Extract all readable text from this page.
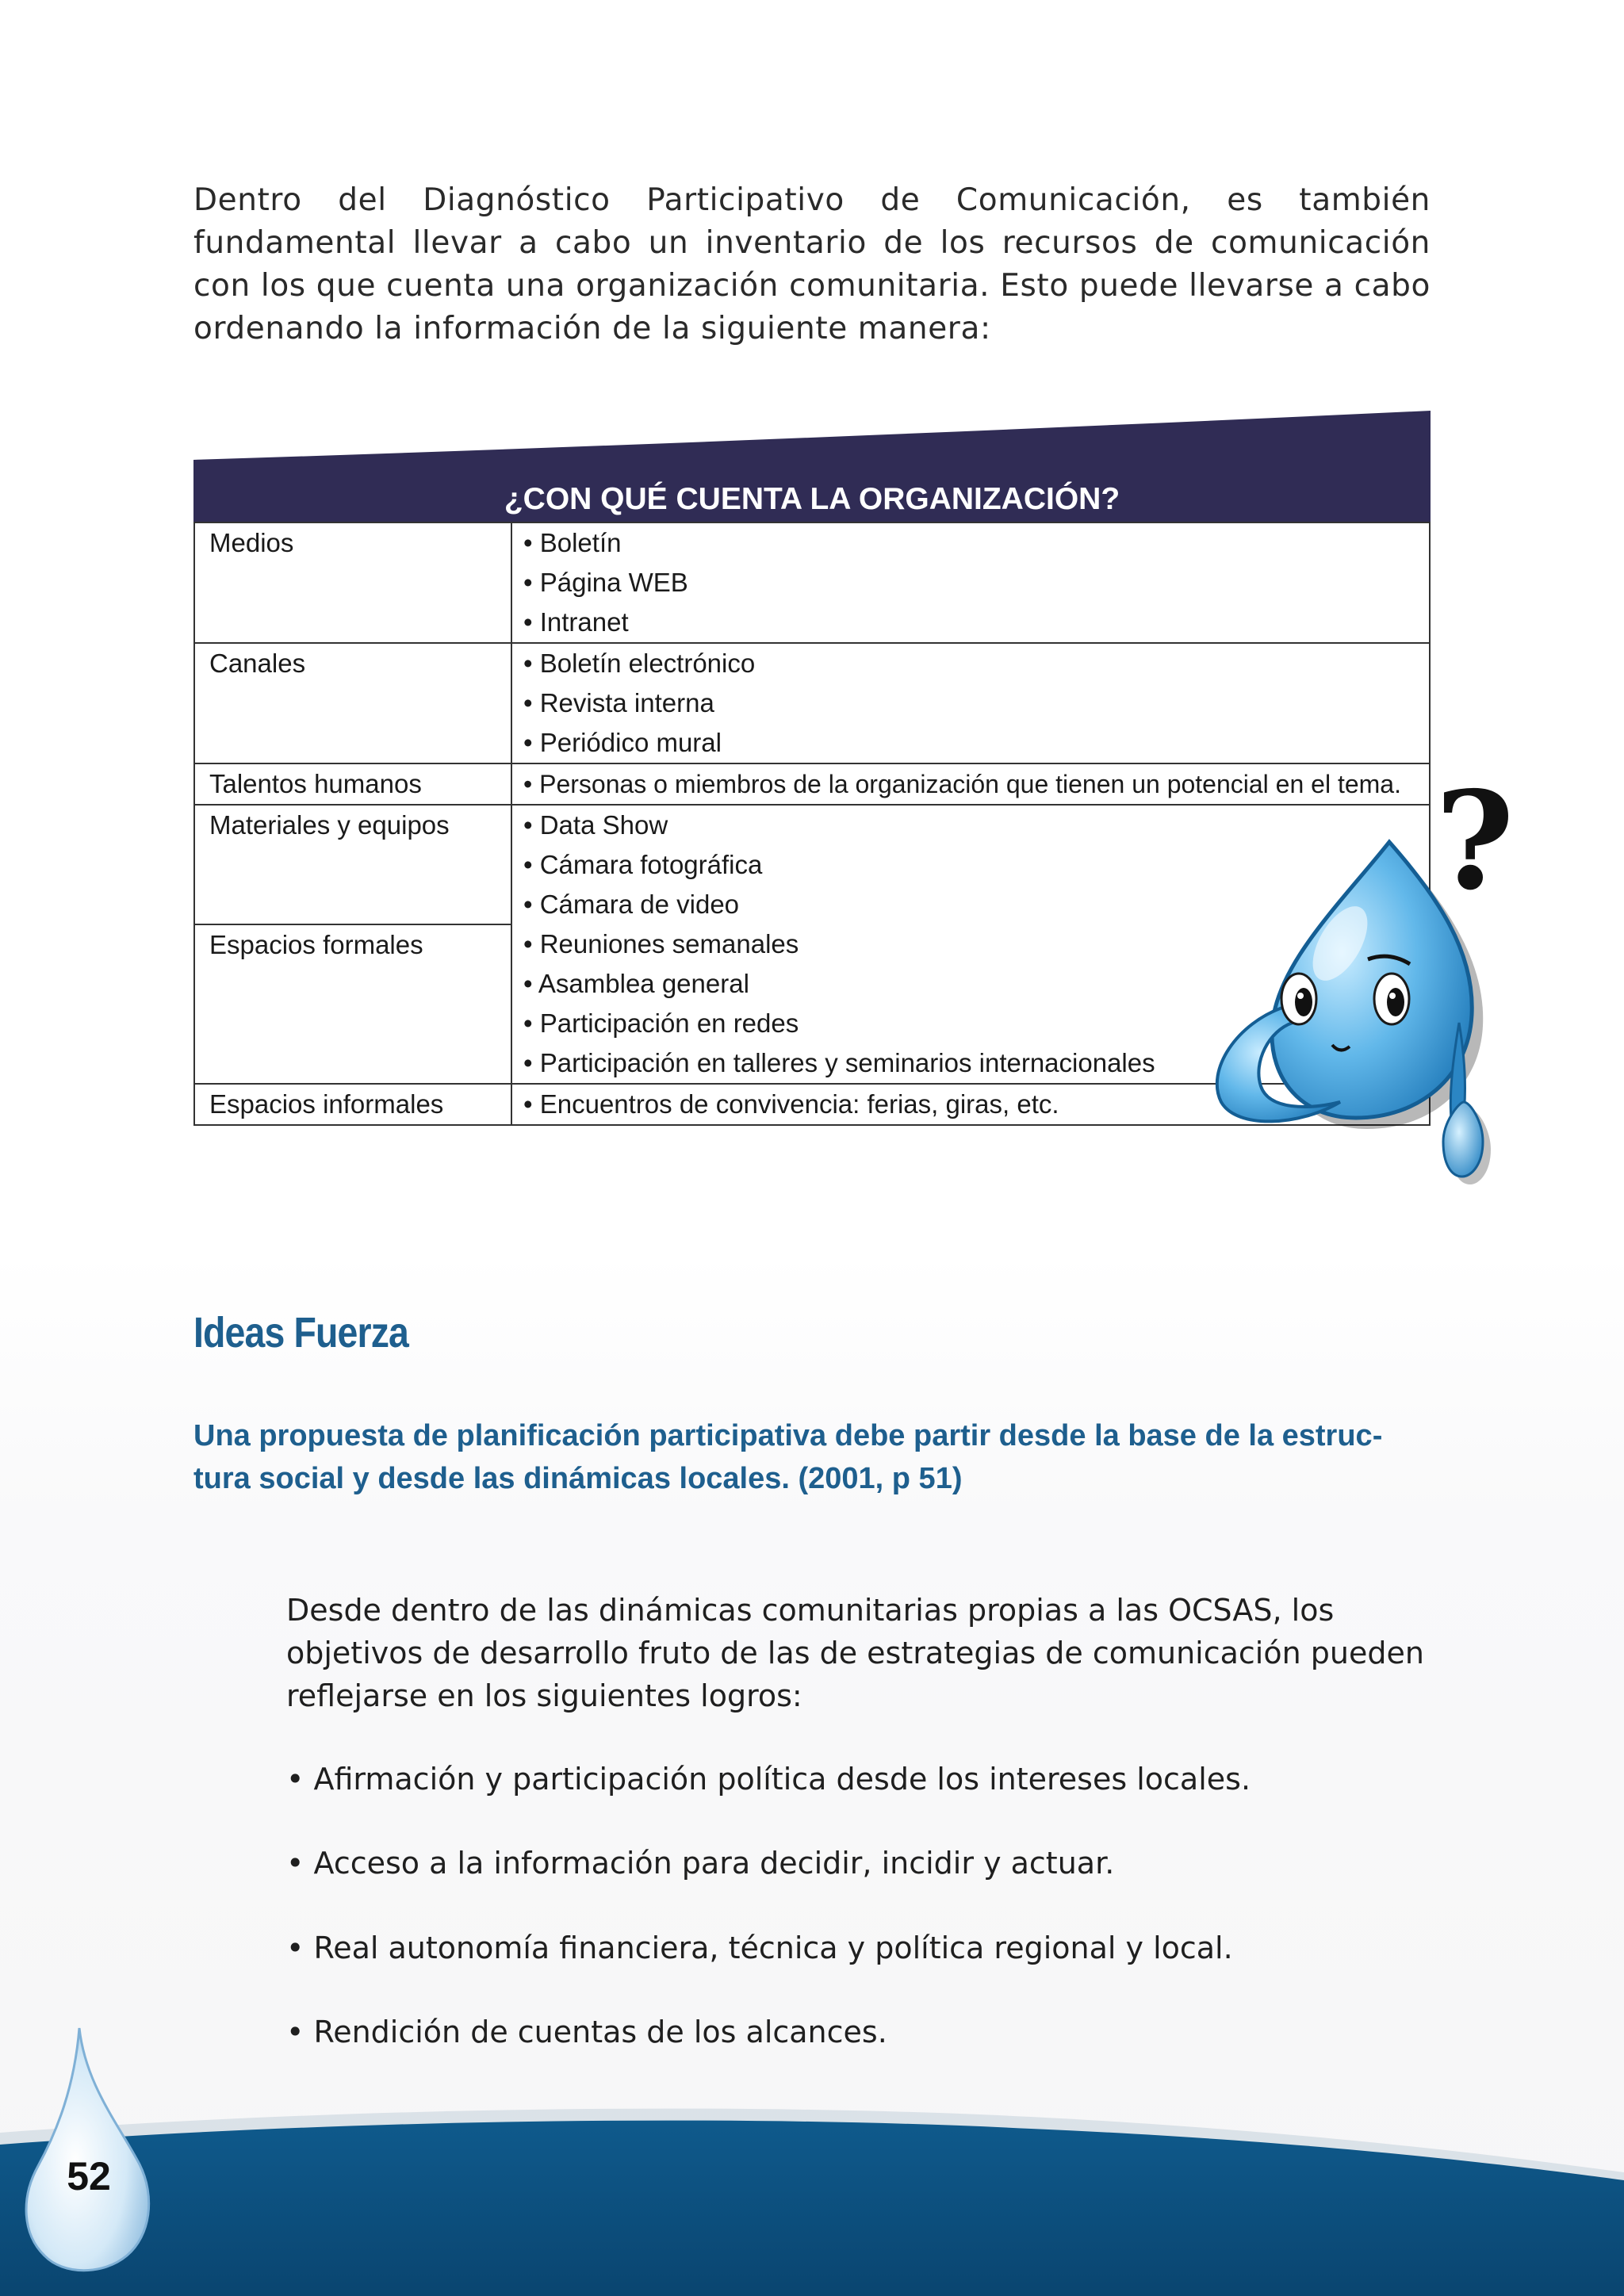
Dentro del Diagnóstico Participativo de Comunicación, es también fundamental llevar a cabo un inventario de los recursos de comunicación con los que cuenta una organización comunitaria. Esto puede llevarse a cabo ordenando la información de la siguiente manera:

¿CON QUÉ CUENTA LA ORGANIZACIÓN?
Medios	• Boletín
• Página WEB
• Intranet

Canales	• Boletín electrónico
• Revista interna
• Periódico mural

Talentos humanos	• Personas o miembros de la organización que tienen un potencial en el tema.

Materiales y equipos	• Data Show
• Cámara fotográfica
• Cámara de video

Espacios formales	• Reuniones semanales
• Asamblea general
• Participación en redes
• Participación en talleres y seminarios internacionales

Espacios informales	• Encuentros de convivencia: ferias, giras, etc.
?
Ideas Fuerza

Una propuesta de planificación participativa debe partir desde la base de la estruc- tura social y desde las dinámicas locales. (2001, p 51)

Desde dentro de las dinámicas comunitarias propias a las OCSAS, los objetivos de desarrollo fruto de las de estrategias de comunicación pueden reflejarse en los siguientes logros:

• Afirmación y participación política desde los intereses locales.

• Acceso a la información para decidir, incidir y actuar.

• Real autonomía financiera, técnica y política regional y local.

• Rendición de cuentas de los alcances.

52
